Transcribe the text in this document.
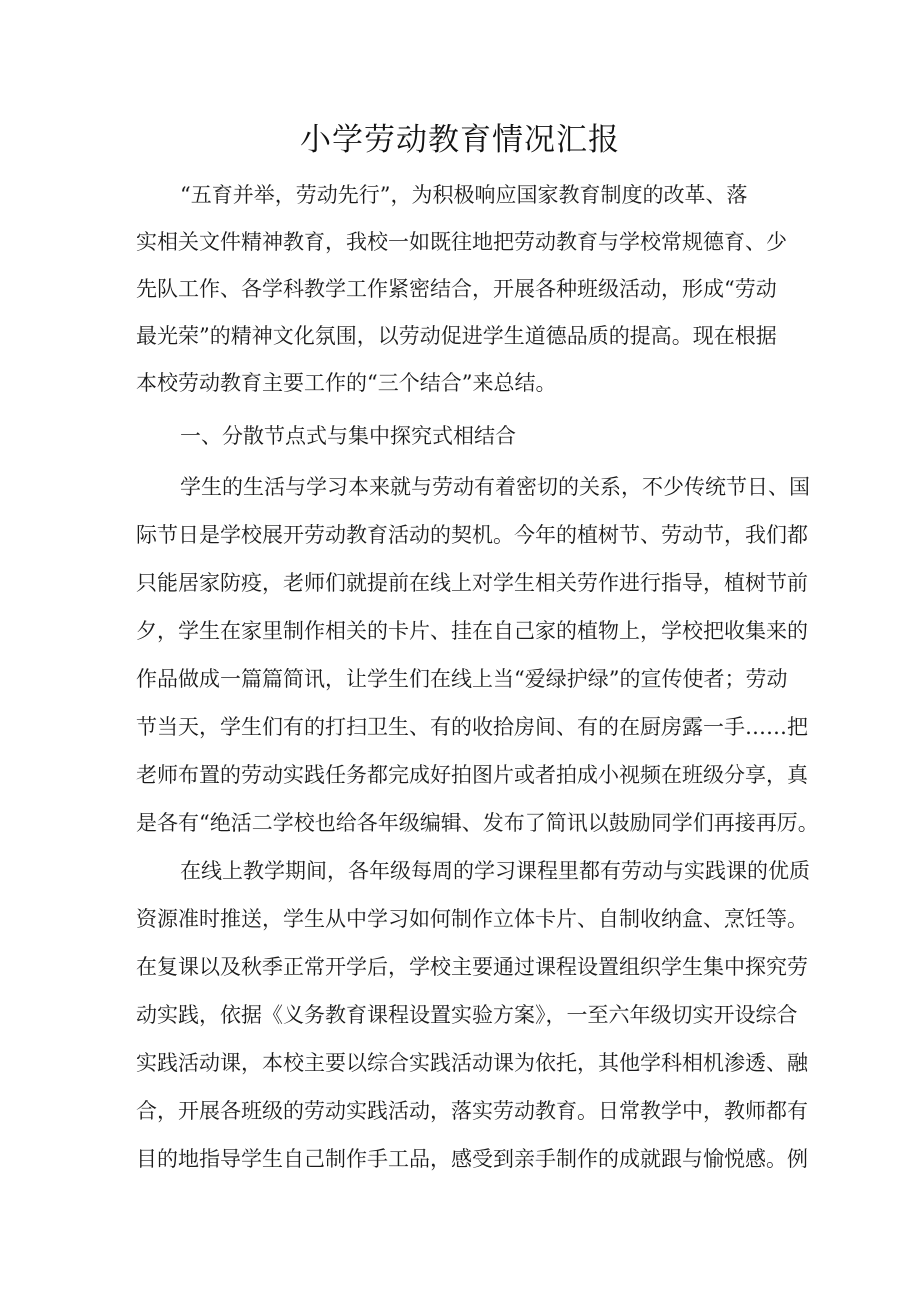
小学劳动教育情况汇报
“五育并举，劳动先行”，为积极响应国家教育制度的改革、落
实相关文件精神教育，我校一如既往地把劳动教育与学校常规德育、少
先队工作、各学科教学工作紧密结合，开展各种班级活动，形成“劳动
最光荣”的精神文化氛围，以劳动促进学生道德品质的提高。现在根据
本校劳动教育主要工作的“三个结合”来总结。
一、分散节点式与集中探究式相结合
学生的生活与学习本来就与劳动有着密切的关系，不少传统节日、国
际节日是学校展开劳动教育活动的契机。今年的植树节、劳动节，我们都
只能居家防疫，老师们就提前在线上对学生相关劳作进行指导，植树节前
夕，学生在家里制作相关的卡片、挂在自己家的植物上，学校把收集来的
作品做成一篇篇简讯，让学生们在线上当“爱绿护绿”的宣传使者；劳动
节当天，学生们有的打扫卫生、有的收拾房间、有的在厨房露一手……把
老师布置的劳动实践任务都完成好拍图片或者拍成小视频在班级分享，真
是各有“绝活二学校也给各年级编辑、发布了简讯以鼓励同学们再接再厉。
在线上教学期间，各年级每周的学习课程里都有劳动与实践课的优质
资源准时推送，学生从中学习如何制作立体卡片、自制收纳盒、烹饪等。
在复课以及秋季正常开学后，学校主要通过课程设置组织学生集中探究劳
动实践，依据《义务教育课程设置实验方案》，一至六年级切实开设综合
实践活动课，本校主要以综合实践活动课为依托，其他学科相机渗透、融
合，开展各班级的劳动实践活动，落实劳动教育。日常教学中，教师都有
目的地指导学生自己制作手工品，感受到亲手制作的成就跟与愉悦感。例
